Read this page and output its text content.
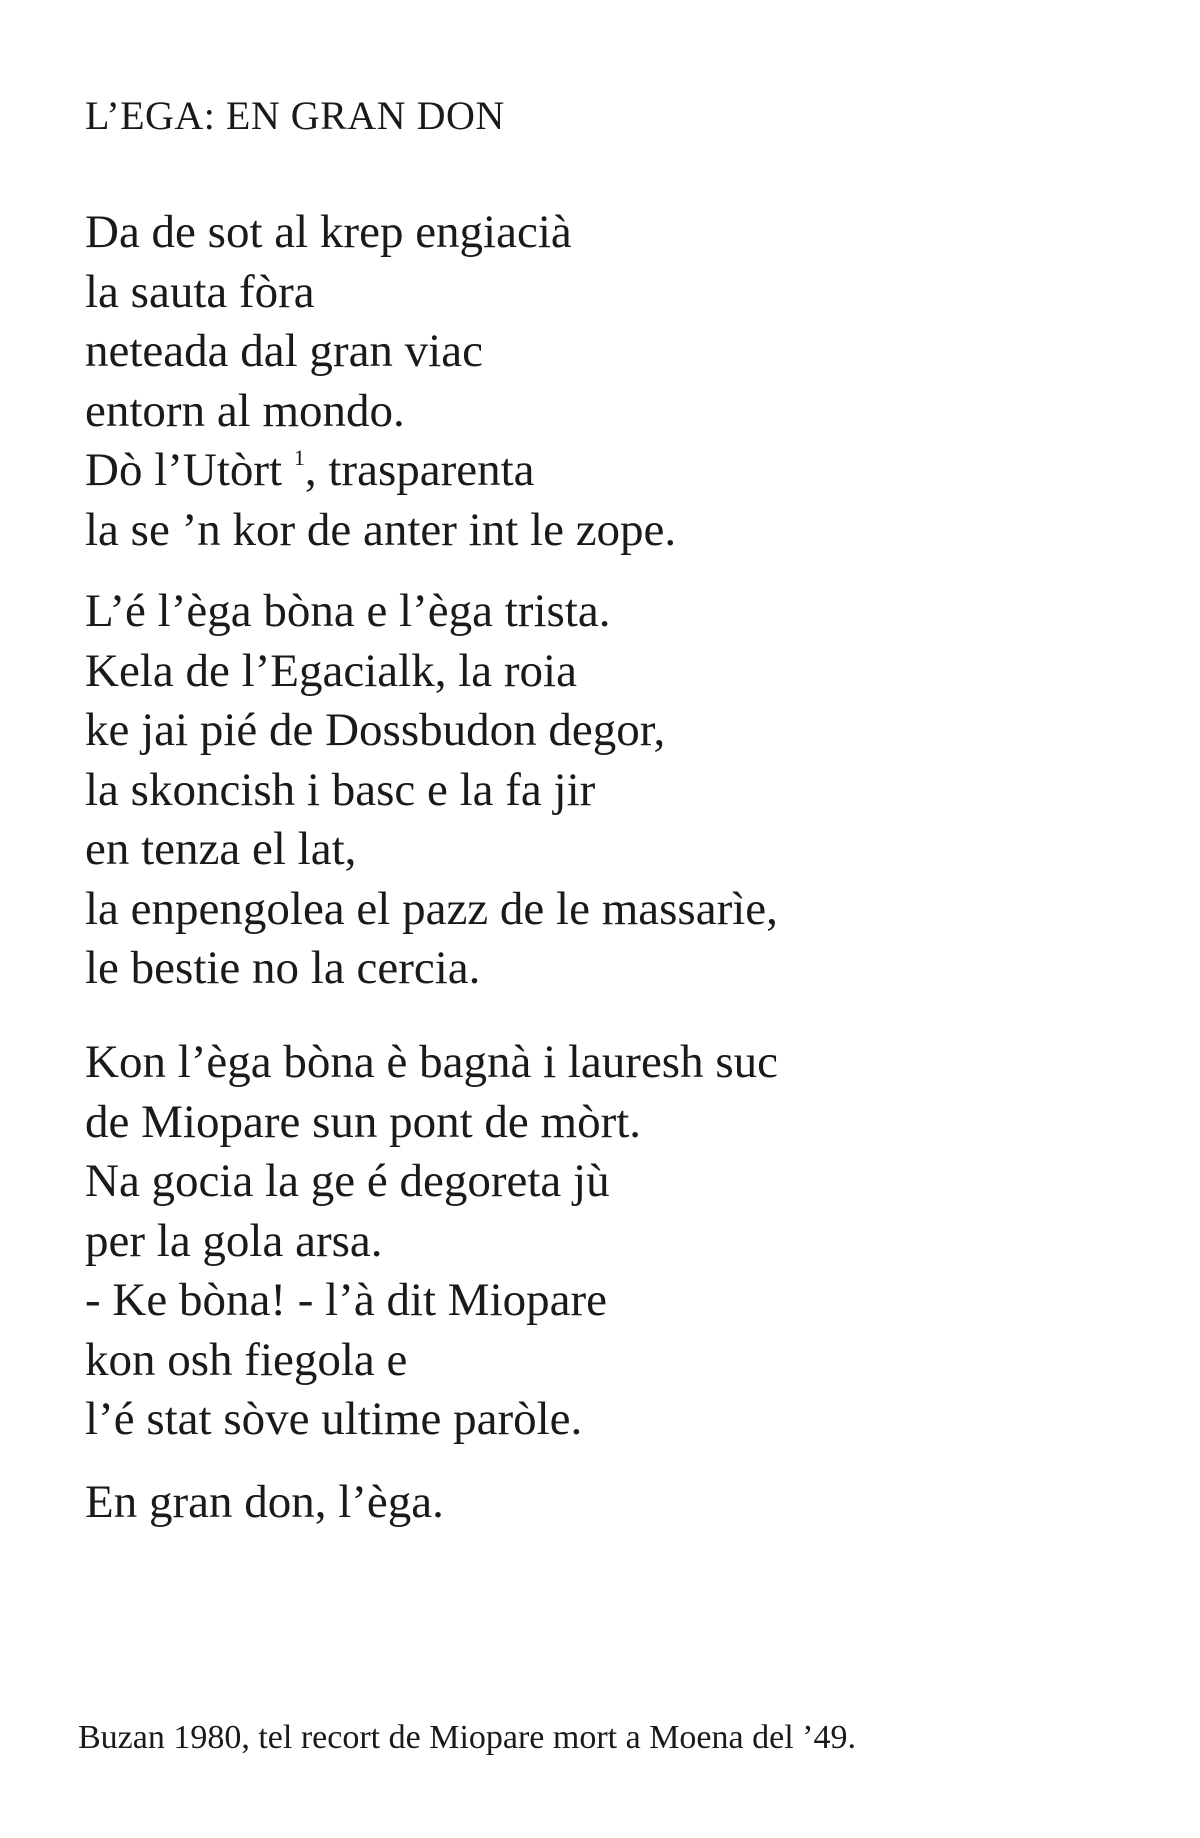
L’EGA: EN GRAN DON
Da de sot al krep engiacià
la sauta fòra
neteada dal gran viac
entorn al mondo.
Dò l’Utòrt $^1$, trasparenta
la se ’n kor de anter int le zope.
L’é l’èga bòna e l’èga trista.
Kela de l’Egacialk, la roia
ke jai pié de Dossbudon degor,
la skoncish i basc e la fa jir
en tenza el lat,
la enpengolea el pazz de le massarìe,
le bestie no la cercia.
Kon l’èga bòna è bagnà i lauresh suc
de Miopare sun pont de mòrt.
Na gocia la ge é degoreta jù
per la gola arsa.
- Ke bòna! - l’à dit Miopare
kon osh fiegola e
l’é stat sòve ultime paròle.
En gran don, l’èga.

Buzan 1980, tel recort de Miopare mort a Moena del ’49.
